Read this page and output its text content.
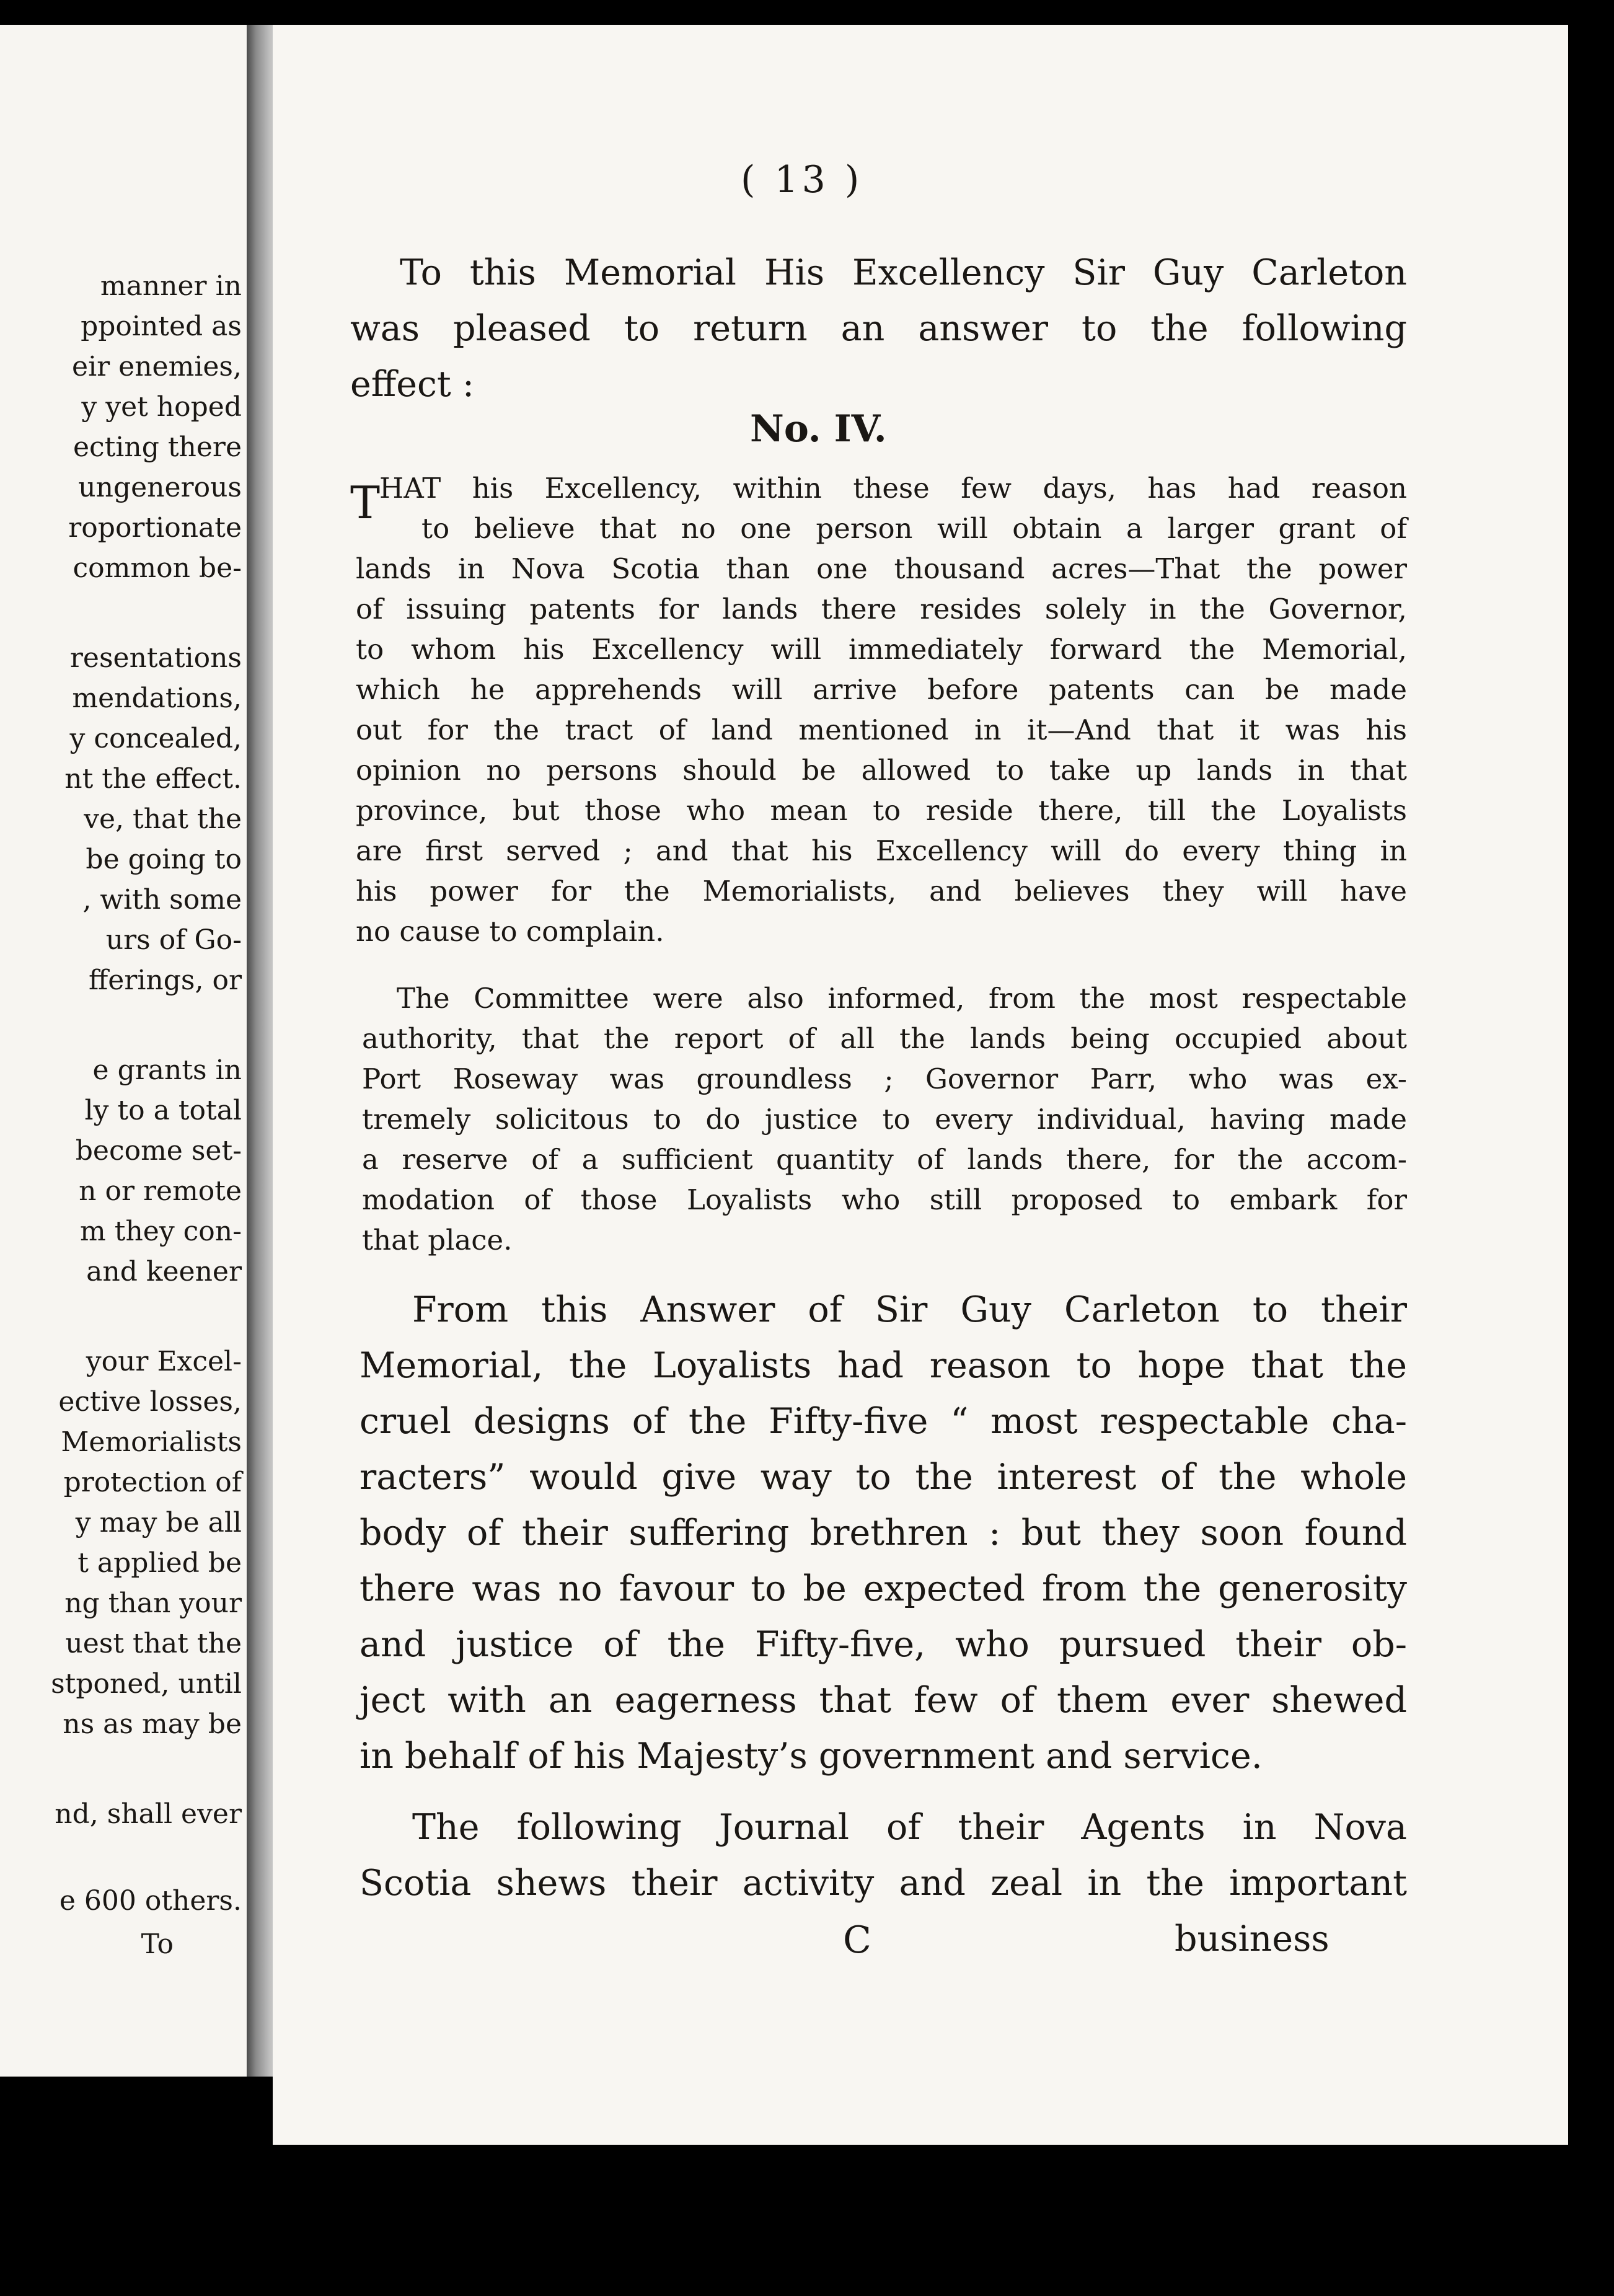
manner in
ppointed as
eir enemies,
y yet hoped
ecting there
ungenerous
roportionate
common be-
resentations
mendations,
y concealed,
nt the effect.
ve, that the
be going to
, with some
urs of Go-
fferings, or
e grants in
ly to a total
become set-
n or remote
m they con-
and keener
your Excel-
ective losses,
Memorialists
protection of
y may be all
t applied be
ng than your
uest that the
stponed, until
ns as may be
nd, shall ever
e 600 others.
To
( 13 )
To this Memorial His Excellency Sir Guy Carleton
was pleased to return an answer to the following
effect :
No. IV.
T
HAT his Excellency, within these few days, has had reason
to believe that no one person will obtain a larger grant of
lands in Nova Scotia than one thousand acres—That the power
of issuing patents for lands there resides solely in the Governor,
to whom his Excellency will immediately forward the Memorial,
which he apprehends will arrive before patents can be made
out for the tract of land mentioned in it—And that it was his
opinion no persons should be allowed to take up lands in that
province, but those who mean to reside there, till the Loyalists
are first served ; and that his Excellency will do every thing in
his power for the Memorialists, and believes they will have
no cause to complain.
The Committee were also informed, from the most respectable
authority, that the report of all the lands being occupied about
Port Roseway was groundless ; Governor Parr, who was ex-
tremely solicitous to do justice to every individual, having made
a reserve of a sufficient quantity of lands there, for the accom-
modation of those Loyalists who still proposed to embark for
that place.
From this Answer of Sir Guy Carleton to their
Memorial, the Loyalists had reason to hope that the
cruel designs of the Fifty-five “ most respectable cha-
racters” would give way to the interest of the whole
body of their suffering brethren : but they soon found
there was no favour to be expected from the generosity
and justice of the Fifty-five, who pursued their ob-
ject with an eagerness that few of them ever shewed
in behalf of his Majesty’s government and service.
The following Journal of their Agents in Nova
Scotia shews their activity and zeal in the important
C	business
